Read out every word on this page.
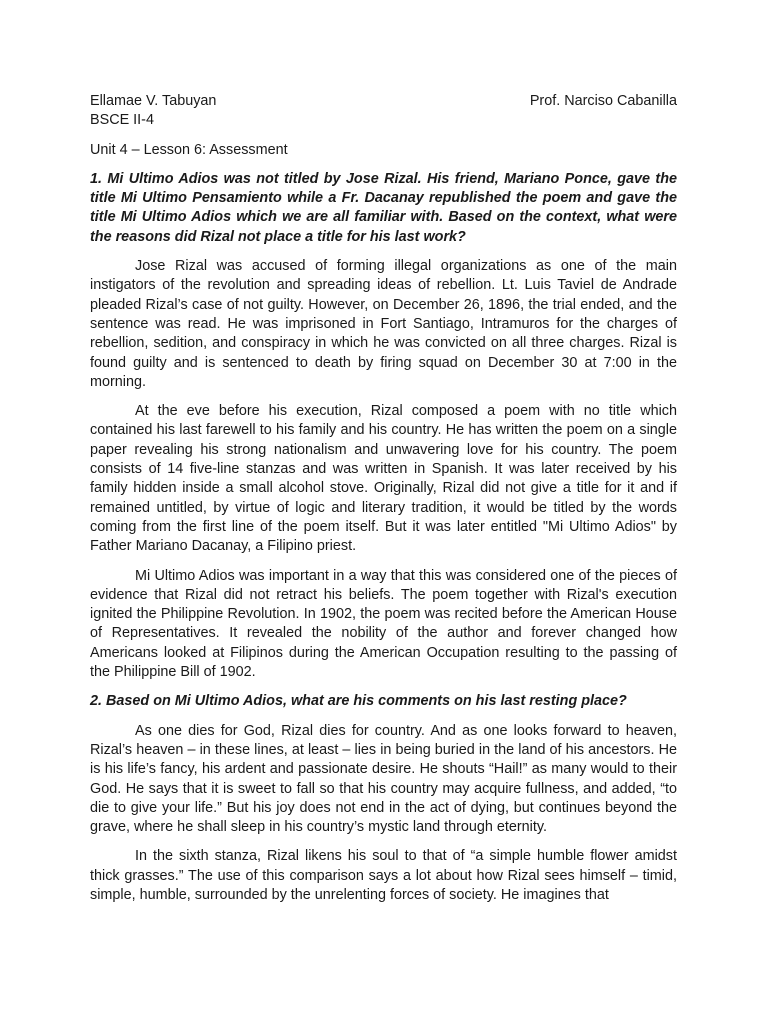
Ellamae V. Tabuyan	Prof. Narciso Cabanilla
BSCE II-4
Unit 4 – Lesson 6: Assessment
1. Mi Ultimo Adios was not titled by Jose Rizal. His friend, Mariano Ponce, gave the title Mi Ultimo Pensamiento while a Fr. Dacanay republished the poem and gave the title Mi Ultimo Adios which we are all familiar with. Based on the context, what were the reasons did Rizal not place a title for his last work?

Jose Rizal was accused of forming illegal organizations as one of the main instigators of the revolution and spreading ideas of rebellion. Lt. Luis Taviel de Andrade pleaded Rizal’s case of not guilty. However, on December 26, 1896, the trial ended, and the sentence was read. He was imprisoned in Fort Santiago, Intramuros for the charges of rebellion, sedition, and conspiracy in which he was convicted on all three charges. Rizal is found guilty and is sentenced to death by firing squad on December 30 at 7:00 in the morning.

At the eve before his execution, Rizal composed a poem with no title which contained his last farewell to his family and his country. He has written the poem on a single paper revealing his strong nationalism and unwavering love for his country. The poem consists of 14 five-line stanzas and was written in Spanish. It was later received by his family hidden inside a small alcohol stove. Originally, Rizal did not give a title for it and if remained untitled, by virtue of logic and literary tradition, it would be titled by the words coming from the first line of the poem itself. But it was later entitled "Mi Ultimo Adios" by Father Mariano Dacanay, a Filipino priest.

Mi Ultimo Adios was important in a way that this was considered one of the pieces of evidence that Rizal did not retract his beliefs. The poem together with Rizal's execution ignited the Philippine Revolution. In 1902, the poem was recited before the American House of Representatives. It revealed the nobility of the author and forever changed how Americans looked at Filipinos during the American Occupation resulting to the passing of the Philippine Bill of 1902.

2. Based on Mi Ultimo Adios, what are his comments on his last resting place?

As one dies for God, Rizal dies for country. And as one looks forward to heaven, Rizal’s heaven – in these lines, at least – lies in being buried in the land of his ancestors. He is his life’s fancy, his ardent and passionate desire. He shouts “Hail!” as many would to their God. He says that it is sweet to fall so that his country may acquire fullness, and added, “to die to give your life.” But his joy does not end in the act of dying, but continues beyond the grave, where he shall sleep in his country’s mystic land through eternity.

In the sixth stanza, Rizal likens his soul to that of “a simple humble flower amidst thick grasses.” The use of this comparison says a lot about how Rizal sees himself – timid, simple, humble, surrounded by the unrelenting forces of society. He imagines that
